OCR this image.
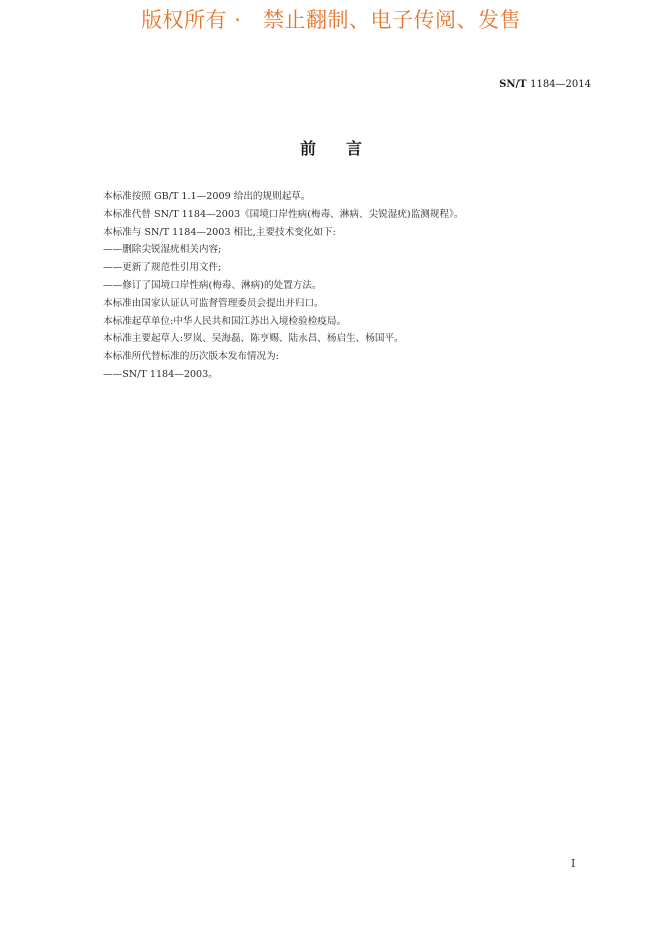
版权所有 ·   禁止翻制、电子传阅、发售
SN/T 1184—2014
前言

本标准按照 GB/T 1.1—2009 给出的规则起草。

本标准代替 SN/T 1184—2003《国境口岸性病(梅毒、淋病、尖锐湿疣)监测规程》。

本标准与 SN/T 1184—2003 相比,主要技术变化如下:

——删除尖锐湿疣相关内容;

——更新了规范性引用文件;

——修订了国境口岸性病(梅毒、淋病)的处置方法。

本标准由国家认证认可监督管理委员会提出并归口。

本标准起草单位:中华人民共和国江苏出入境检验检疫局。

本标准主要起草人:罗岚、吴海磊、陈亨赐、陆永昌、杨启生、杨国平。

本标准所代替标准的历次版本发布情况为:

——SN/T 1184—2003。

I
